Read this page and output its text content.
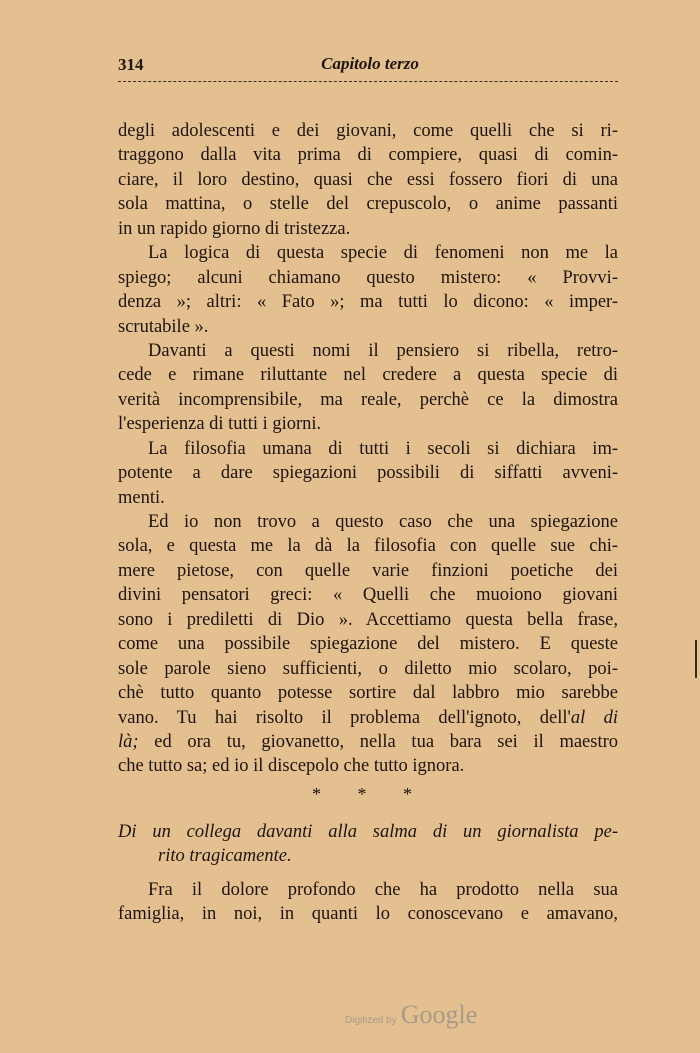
314	Capitolo terzo
degli adolescenti e dei giovani, come quelli che si ri-
traggono dalla vita prima di compiere, quasi di comin-
ciare, il loro destino, quasi che essi fossero fiori di una
sola mattina, o stelle del crepuscolo, o anime passanti
in un rapido giorno di tristezza.
La logica di questa specie di fenomeni non me la
spiego; alcuni chiamano questo mistero: « Provvi-
denza »; altri: « Fato »; ma tutti lo dicono: « imper-
scrutabile ».
Davanti a questi nomi il pensiero si ribella, retro-
cede e rimane riluttante nel credere a questa specie di
verità incomprensibile, ma reale, perchè ce la dimostra
l'esperienza di tutti i giorni.
La filosofia umana di tutti i secoli si dichiara im-
potente a dare spiegazioni possibili di siffatti avveni-
menti.
Ed io non trovo a questo caso che una spiegazione
sola, e questa me la dà la filosofia con quelle sue chi-
mere pietose, con quelle varie finzioni poetiche dei
divini pensatori greci: « Quelli che muoiono giovani
sono i prediletti di Dio ». Accettiamo questa bella frase,
come una possibile spiegazione del mistero. E queste
sole parole sieno sufficienti, o diletto mio scolaro, poi-
chè tutto quanto potesse sortire dal labbro mio sarebbe
vano. Tu hai risolto il problema dell'ignoto, dell'al di
là; ed ora tu, giovanetto, nella tua bara sei il maestro
che tutto sa; ed io il discepolo che tutto ignora.
* * *
Di un collega davanti alla salma di un giornalista pe-
rito tragicamente.
Fra il dolore profondo che ha prodotto nella sua
famiglia, in noi, in quanti lo conoscevano e amavano,
Digitized by Google
